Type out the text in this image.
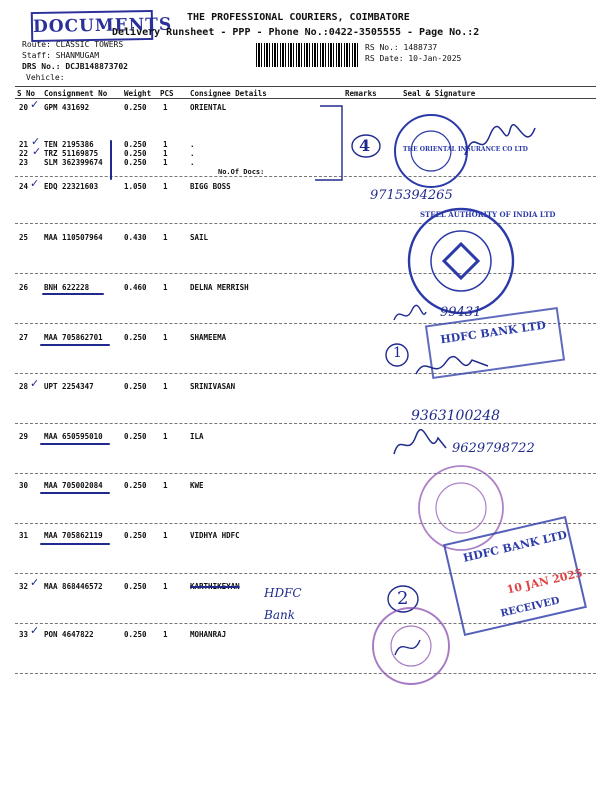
DOCUMENTS THE PROFESSIONAL COURIERS, COIMBATORE
Delivery Runsheet - PPP - Phone No.:0422-3505555 - Page No.:2
Route: CLASSIC TOWERS
Staff: SHANMUGAM
DRS No.: DCJB148873702
Vehicle:
RS No.: 1488737
RS Date: 10-Jan-2025
S No Consignment No Weight PCS Consignee Details	Remarks	Seal & Signature
20 GPM 431692	0.250 1	ORIENTAL
21 TEN 2195386	0.250 1	.
22 TRZ 51169875	0.250 1	.
23 SLM 362399674	0.250 1	.
No.Of Docs:
24 EDQ 22321603	1.050 1	BIGG BOSS
25 MAA 110507964	0.430 1	SAIL
26 BNH 622228	0.460 1	DELNA MERRISH
27 MAA 705862701	0.250 1	SHAMEEMA
28 UPT 2254347	0.250 1	SRINIVASAN
29 MAA 650595010	0.250 1	ILA
30 MAA 705002084	0.250 1	KWE
31 MAA 705862119	0.250 1	VIDHYA HDFC
32 MAA 868446572	0.250 1	KARTHIKEYAN
33 PON 4647822	0.250 1	MOHANRAJ
✓
✓
✓
✓
✓
✓
✓
4
1
2
THE ORIENTAL INSURANCE CO LTD
9715394265
STEEL AUTHORITY OF INDIA LTD
99431
HDFC BANK LTD
9363100248
9629798722
HDFC BANK LTD
10 JAN 2025
RECEIVED
HDFC Bank
